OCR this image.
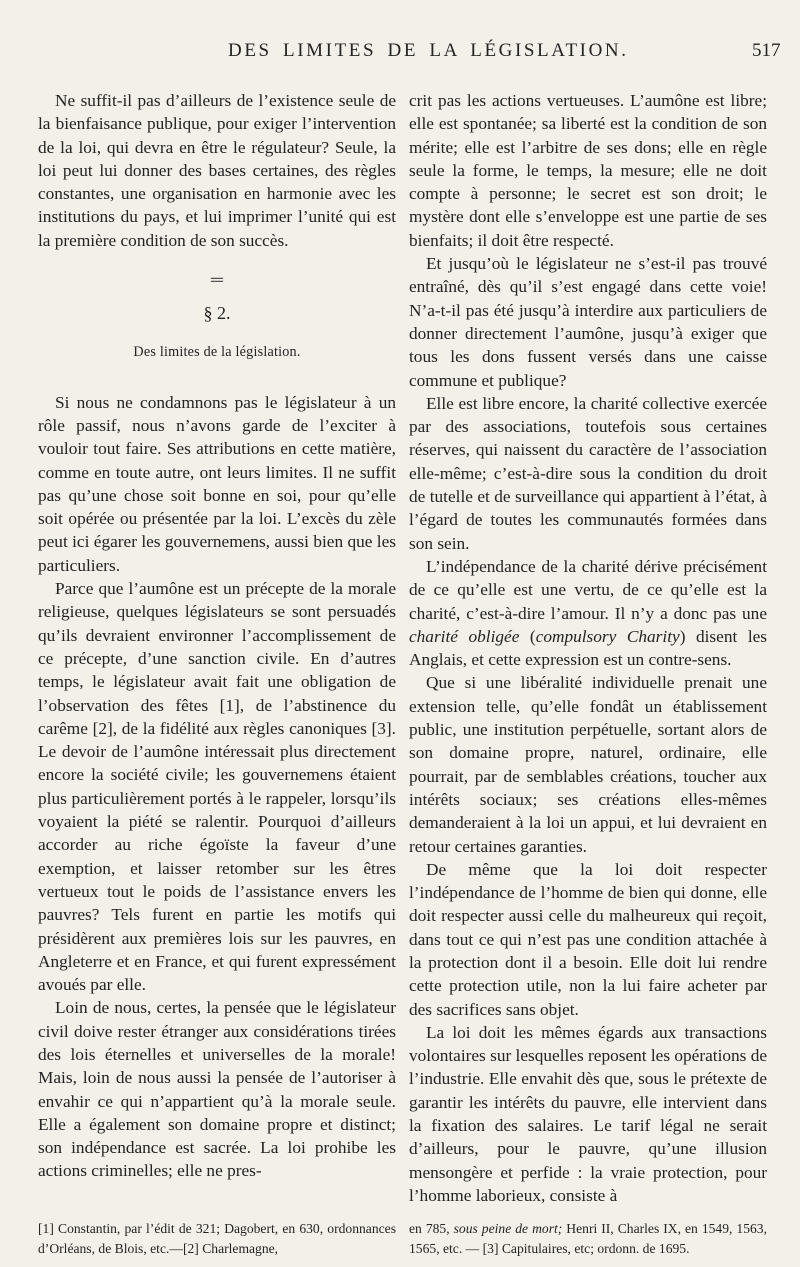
DES LIMITES DE LA LÉGISLATION.	517

Ne suffit-il pas d’ailleurs de l’existence seule de la bienfaisance publique, pour exiger l’intervention de la loi, qui devra en être le régulateur? Seule, la loi peut lui donner des bases certaines, des règles constantes, une organisation en harmonie avec les institutions du pays, et lui imprimer l’unité qui est la première condition de son succès.

═
§ 2.
Des limites de la législation.

Si nous ne condamnons pas le législateur à un rôle passif, nous n’avons garde de l’exciter à vouloir tout faire. Ses attributions en cette matière, comme en toute autre, ont leurs limites. Il ne suffit pas qu’une chose soit bonne en soi, pour qu’elle soit opérée ou présentée par la loi. L’excès du zèle peut ici égarer les gouvernemens, aussi bien que les particuliers.

Parce que l’aumône est un précepte de la morale religieuse, quelques législateurs se sont persuadés qu’ils devraient environner l’accomplissement de ce précepte, d’une sanction civile. En d’autres temps, le législateur avait fait une obligation de l’observation des fêtes [1], de l’abstinence du carême [2], de la fidélité aux règles canoniques [3]. Le devoir de l’aumône intéressait plus directement encore la société civile; les gouvernemens étaient plus particulièrement portés à le rappeler, lorsqu’ils voyaient la piété se ralentir. Pourquoi d’ailleurs accorder au riche égoïste la faveur d’une exemption, et laisser retomber sur les êtres vertueux tout le poids de l’assistance envers les pauvres? Tels furent en partie les motifs qui présidèrent aux premières lois sur les pauvres, en Angleterre et en France, et qui furent expressément avoués par elle.

Loin de nous, certes, la pensée que le législateur civil doive rester étranger aux considérations tirées des lois éternelles et universelles de la morale! Mais, loin de nous aussi la pensée de l’autoriser à envahir ce qui n’appartient qu’à la morale seule. Elle a également son domaine propre et distinct; son indépendance est sacrée. La loi prohibe les actions criminelles; elle ne pres-

crit pas les actions vertueuses. L’aumône est libre; elle est spontanée; sa liberté est la condition de son mérite; elle est l’arbitre de ses dons; elle en règle seule la forme, le temps, la mesure; elle ne doit compte à personne; le secret est son droit; le mystère dont elle s’enveloppe est une partie de ses bienfaits; il doit être respecté.

Et jusqu’où le législateur ne s’est-il pas trouvé entraîné, dès qu’il s’est engagé dans cette voie! N’a-t-il pas été jusqu’à interdire aux particuliers de donner directement l’aumône, jusqu’à exiger que tous les dons fussent versés dans une caisse commune et publique?

Elle est libre encore, la charité collective exercée par des associations, toutefois sous certaines réserves, qui naissent du caractère de l’association elle-même; c’est-à-dire sous la condition du droit de tutelle et de surveillance qui appartient à l’état, à l’égard de toutes les communautés formées dans son sein.

L’indépendance de la charité dérive précisément de ce qu’elle est une vertu, de ce qu’elle est la charité, c’est-à-dire l’amour. Il n’y a donc pas une charité obligée (compulsory Charity) disent les Anglais, et cette expression est un contre-sens.

Que si une libéralité individuelle prenait une extension telle, qu’elle fondât un établissement public, une institution perpétuelle, sortant alors de son domaine propre, naturel, ordinaire, elle pourrait, par de semblables créations, toucher aux intérêts sociaux; ses créations elles-mêmes demanderaient à la loi un appui, et lui devraient en retour certaines garanties.

De même que la loi doit respecter l’indépendance de l’homme de bien qui donne, elle doit respecter aussi celle du malheureux qui reçoit, dans tout ce qui n’est pas une condition attachée à la protection dont il a besoin. Elle doit lui rendre cette protection utile, non la lui faire acheter par des sacrifices sans objet.

La loi doit les mêmes égards aux transactions volontaires sur lesquelles reposent les opérations de l’industrie. Elle envahit dès que, sous le prétexte de garantir les intérêts du pauvre, elle intervient dans la fixation des salaires. Le tarif légal ne serait d’ailleurs, pour le pauvre, qu’une illusion mensongère et perfide : la vraie protection, pour l’homme laborieux, consiste à

[1] Constantin, par l’édit de 321; Dagobert, en 630, ordonnances d’Orléans, de Blois, etc.—[2] Charlemagne,

en 785, sous peine de mort; Henri II, Charles IX, en 1549, 1563, 1565, etc. — [3] Capitulaires, etc; ordonn. de 1695.
